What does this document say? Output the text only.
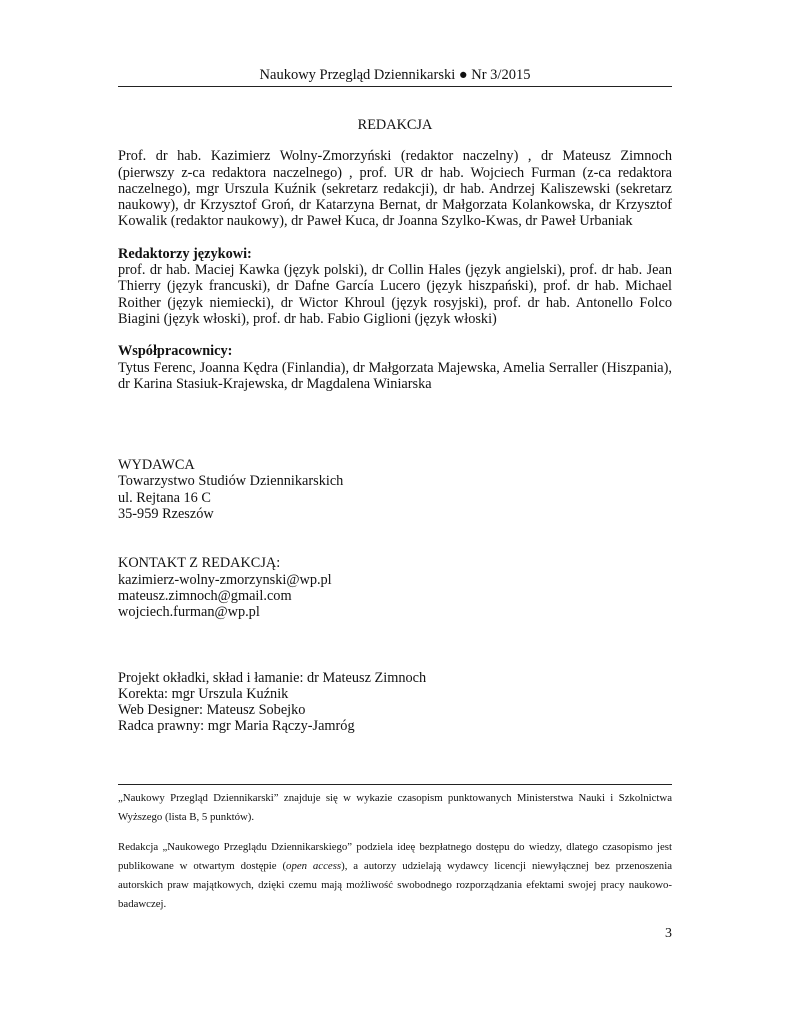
Naukowy Przegląd Dziennikarski ● Nr 3/2015
REDAKCJA

Prof. dr hab. Kazimierz Wolny-Zmorzyński (redaktor naczelny) , dr Mateusz Zimnoch (pierwszy z-ca redaktora naczelnego) , prof. UR dr hab. Wojciech Furman (z-ca redaktora naczelnego), mgr Urszula Kuźnik (sekretarz redakcji), dr hab. Andrzej Kaliszewski (sekretarz naukowy), dr Krzysztof Groń, dr Katarzyna Bernat, dr Małgorzata Kolankowska, dr Krzysztof Kowalik (redaktor naukowy), dr Paweł Kuca, dr Joanna Szylko-Kwas, dr Paweł Urbaniak

Redaktorzy językowi:

prof. dr hab. Maciej Kawka (język polski), dr Collin Hales (język angielski), prof. dr hab. Jean Thierry (język francuski), dr Dafne García Lucero (język hiszpański), prof. dr hab. Michael Roither (język niemiecki), dr Wictor Khroul (język rosyjski), prof. dr hab. Antonello Folco Biagini (język włoski), prof. dr hab. Fabio Giglioni (język włoski)

Współpracownicy:

Tytus Ferenc, Joanna Kędra (Finlandia), dr Małgorzata Majewska, Amelia Serraller (Hiszpania), dr Karina Stasiuk-Krajewska, dr Magdalena Winiarska

WYDAWCA
Towarzystwo Studiów Dziennikarskich
ul. Rejtana 16 C
35-959 Rzeszów
KONTAKT Z REDAKCJĄ:
kazimierz-wolny-zmorzynski@wp.pl
mateusz.zimnoch@gmail.com
wojciech.furman@wp.pl
Projekt okładki, skład i łamanie: dr Mateusz Zimnoch
Korekta: mgr Urszula Kuźnik
Web Designer: Mateusz Sobejko
Radca prawny: mgr Maria Rączy-Jamróg

„Naukowy Przegląd Dziennikarski” znajduje się w wykazie czasopism punktowanych Ministerstwa Nauki i Szkolnictwa Wyższego (lista B, 5 punktów).

Redakcja „Naukowego Przeglądu Dziennikarskiego” podziela ideę bezpłatnego dostępu do wiedzy, dlatego czasopismo jest publikowane w otwartym dostępie (open access), a autorzy udzielają wydawcy licencji niewyłącznej bez przenoszenia autorskich praw majątkowych, dzięki czemu mają możliwość swobodnego rozporządzania efektami swojej pracy naukowo-badawczej.

3
